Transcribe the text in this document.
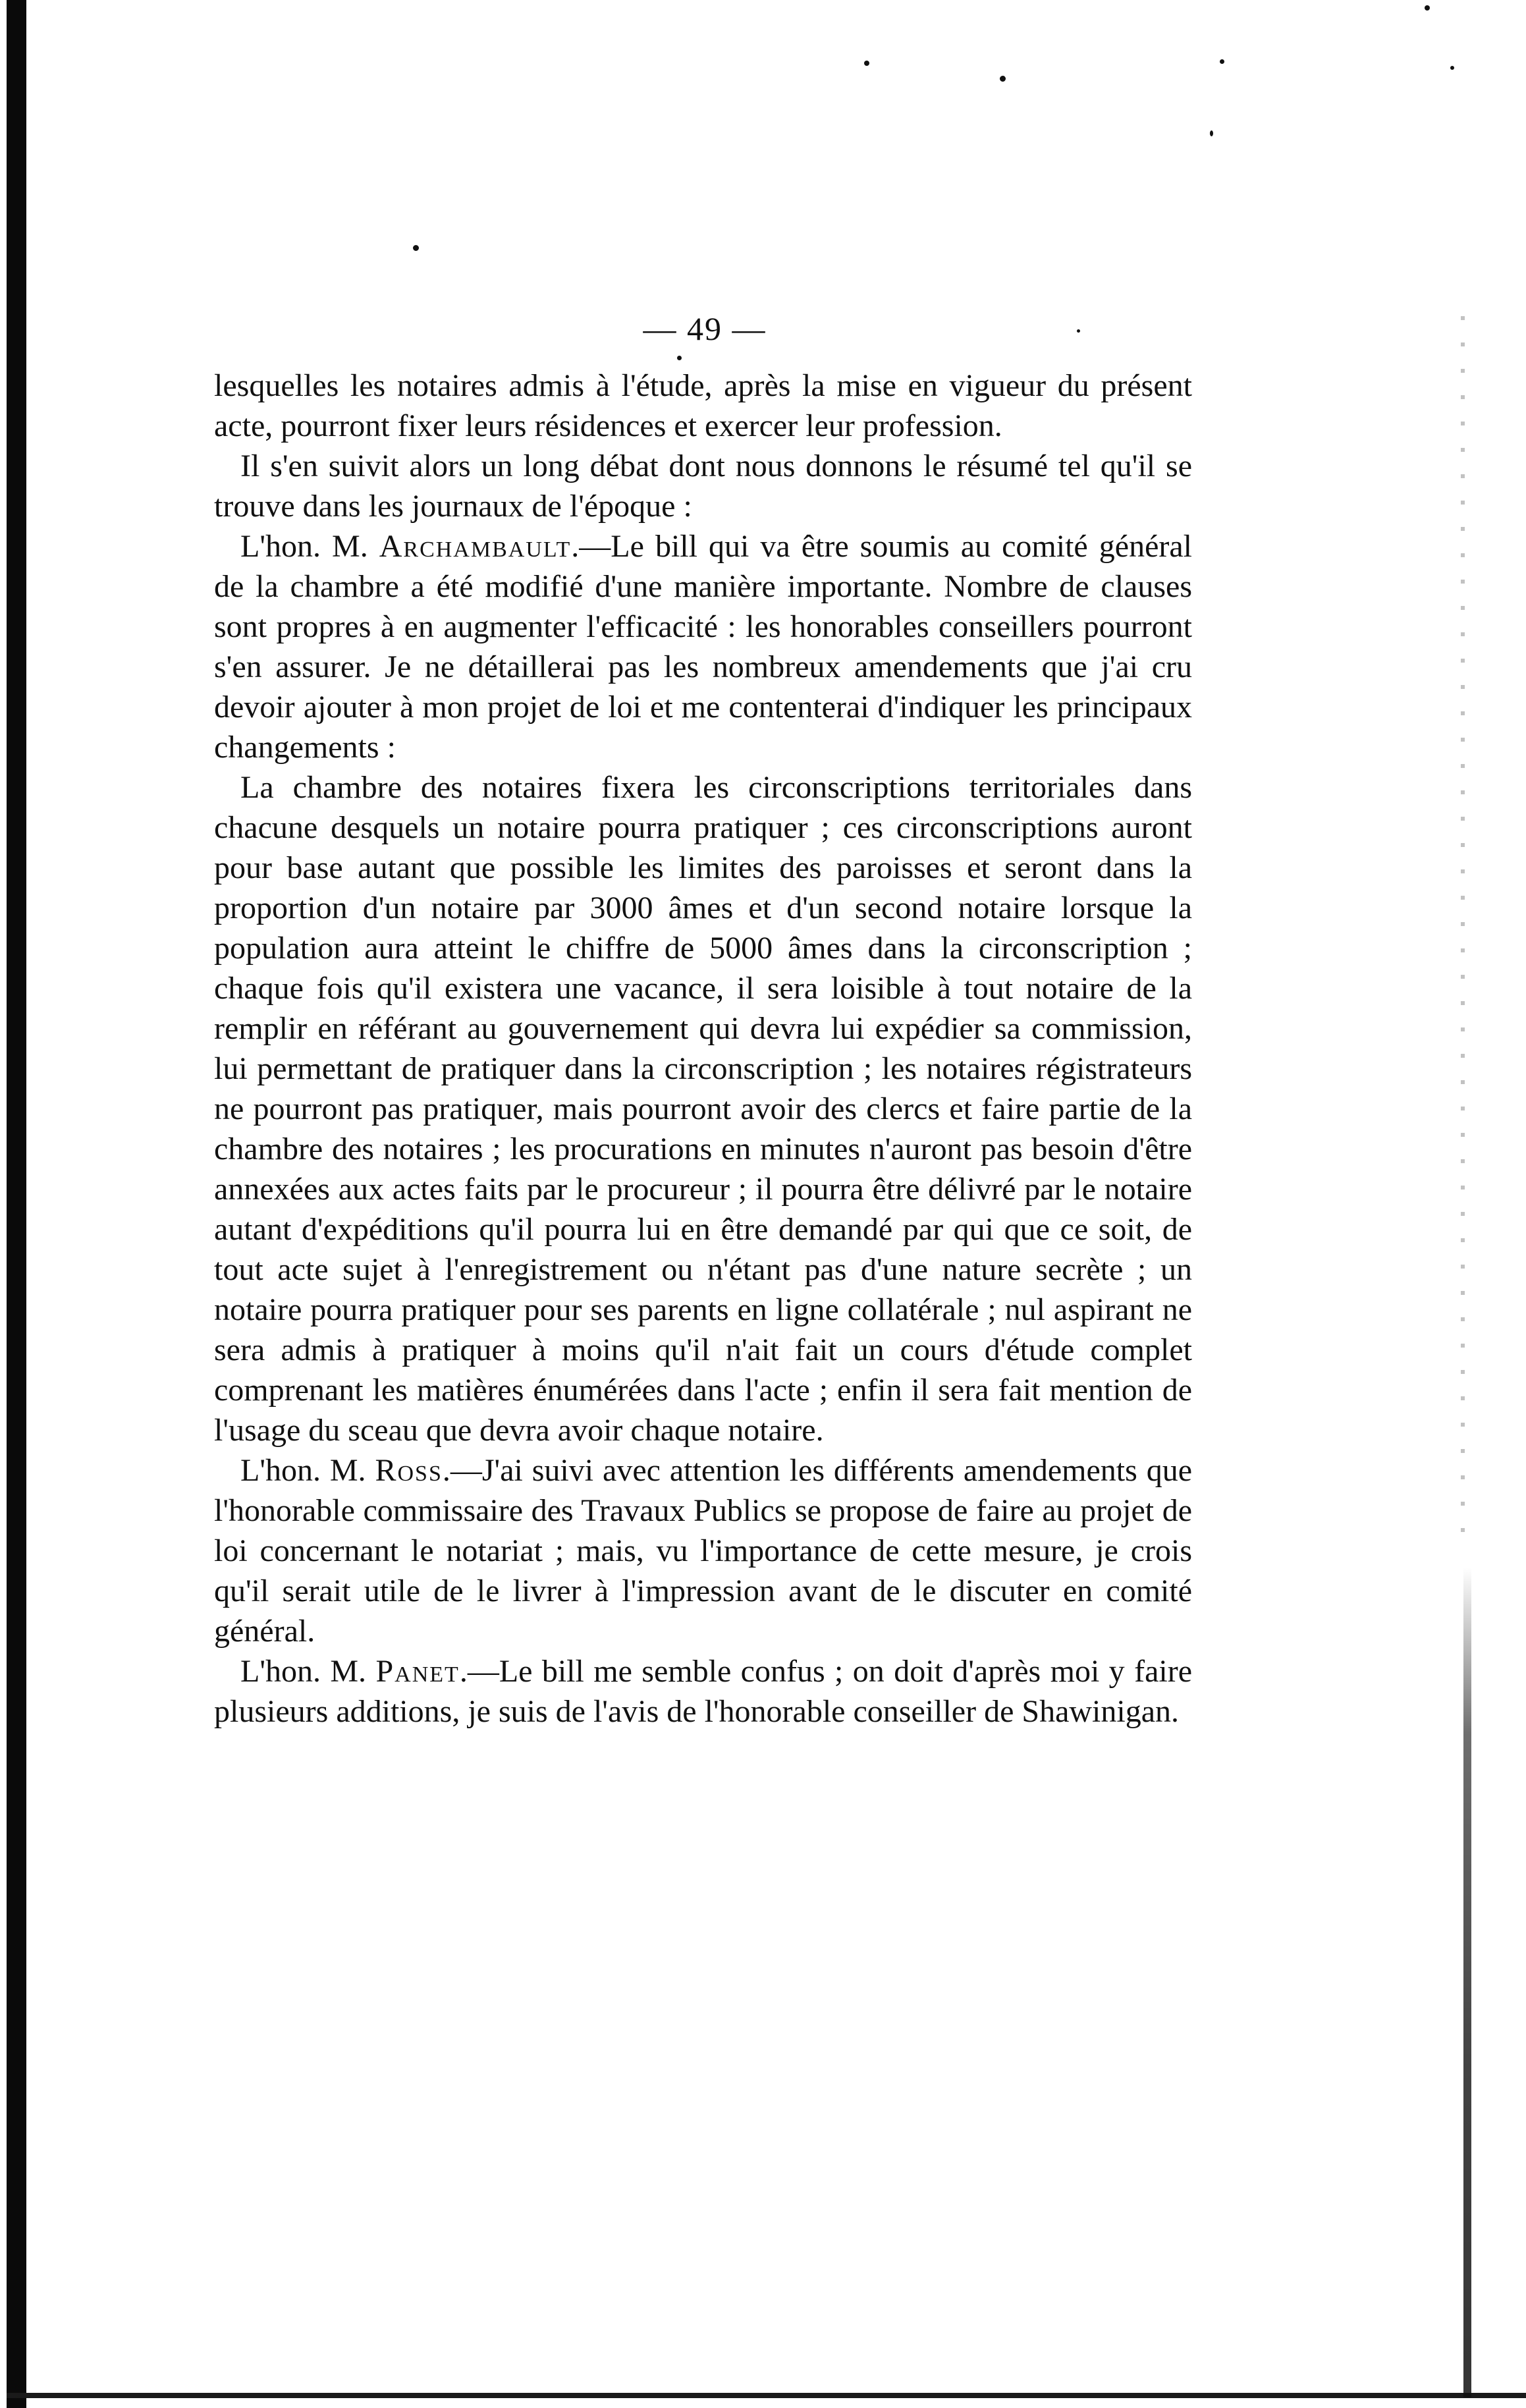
— 49 —

lesquelles les notaires admis à l'étude, après la mise en vigueur du présent acte, pourront fixer leurs résidences et exercer leur profession.

Il s'en suivit alors un long débat dont nous donnons le résumé tel qu'il se trouve dans les journaux de l'époque :

L'hon. M. Archambault.—Le bill qui va être soumis au comité général de la chambre a été modifié d'une manière importante. Nombre de clauses sont propres à en augmenter l'efficacité : les honorables conseillers pourront s'en assurer. Je ne détaillerai pas les nombreux amendements que j'ai cru devoir ajouter à mon projet de loi et me contenterai d'indiquer les principaux changements :

La chambre des notaires fixera les circonscriptions territoriales dans chacune desquels un notaire pourra pratiquer ; ces circonscriptions auront pour base autant que possible les limites des paroisses et seront dans la proportion d'un notaire par 3000 âmes et d'un second notaire lorsque la population aura atteint le chiffre de 5000 âmes dans la circonscription ; chaque fois qu'il existera une vacance, il sera loisible à tout notaire de la remplir en référant au gouvernement qui devra lui expédier sa commission, lui permettant de pratiquer dans la circonscription ; les notaires régistrateurs ne pourront pas pratiquer, mais pourront avoir des clercs et faire partie de la chambre des notaires ; les procurations en minutes n'auront pas besoin d'être annexées aux actes faits par le procureur ; il pourra être délivré par le notaire autant d'expéditions qu'il pourra lui en être demandé par qui que ce soit, de tout acte sujet à l'enregistrement ou n'étant pas d'une nature secrète ; un notaire pourra pratiquer pour ses parents en ligne collatérale ; nul aspirant ne sera admis à pratiquer à moins qu'il n'ait fait un cours d'étude complet comprenant les matières énumérées dans l'acte ; enfin il sera fait mention de l'usage du sceau que devra avoir chaque notaire.

L'hon. M. Ross.—J'ai suivi avec attention les différents amendements que l'honorable commissaire des Travaux Publics se propose de faire au projet de loi concernant le notariat ; mais, vu l'importance de cette mesure, je crois qu'il serait utile de le livrer à l'impression avant de le discuter en comité général.

L'hon. M. Panet.—Le bill me semble confus ; on doit d'après moi y faire plusieurs additions, je suis de l'avis de l'honorable conseiller de Shawinigan.
